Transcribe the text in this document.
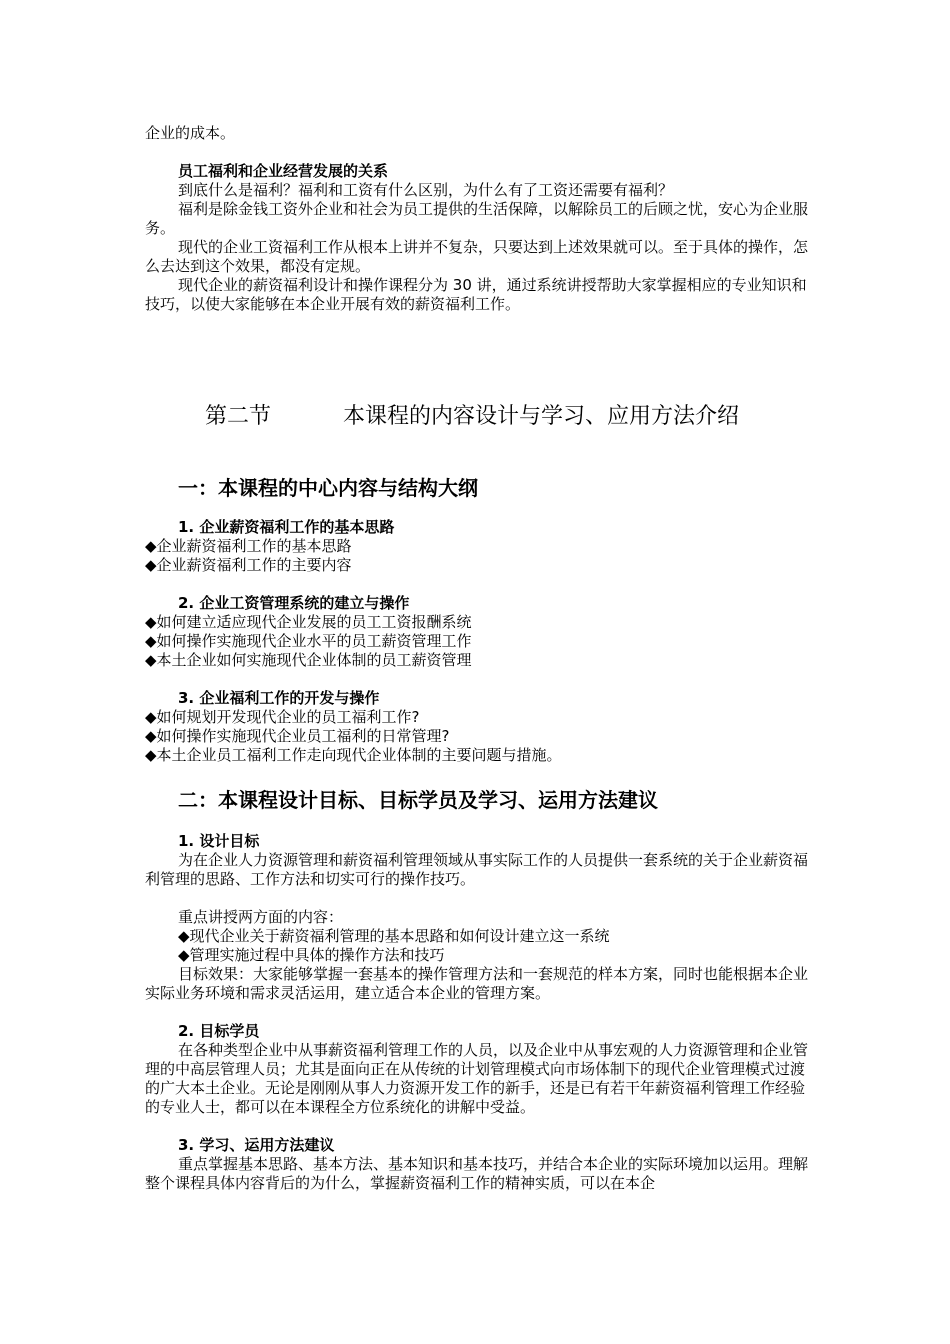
企业的成本。

员工福利和企业经营发展的关系

到底什么是福利？福利和工资有什么区别，为什么有了工资还需要有福利？

福利是除金钱工资外企业和社会为员工提供的生活保障，以解除员工的后顾之忧，安心为企业服务。

现代的企业工资福利工作从根本上讲并不复杂，只要达到上述效果就可以。至于具体的操作，怎么去达到这个效果，都没有定规。

现代企业的薪资福利设计和操作课程分为 30 讲，通过系统讲授帮助大家掌握相应的专业知识和技巧，以使大家能够在本企业开展有效的薪资福利工作。

第二节	本课程的内容设计与学习、应用方法介绍
一：本课程的中心内容与结构大纲

1. 企业薪资福利工作的基本思路

◆企业薪资福利工作的基本思路

◆企业薪资福利工作的主要内容

2. 企业工资管理系统的建立与操作

◆如何建立适应现代企业发展的员工工资报酬系统

◆如何操作实施现代企业水平的员工薪资管理工作

◆本土企业如何实施现代企业体制的员工薪资管理

3. 企业福利工作的开发与操作

◆如何规划开发现代企业的员工福利工作?

◆如何操作实施现代企业员工福利的日常管理?

◆本土企业员工福利工作走向现代企业体制的主要问题与措施。

二：本课程设计目标、目标学员及学习、运用方法建议

1. 设计目标

为在企业人力资源管理和薪资福利管理领域从事实际工作的人员提供一套系统的关于企业薪资福利管理的思路、工作方法和切实可行的操作技巧。

重点讲授两方面的内容：

◆现代企业关于薪资福利管理的基本思路和如何设计建立这一系统

◆管理实施过程中具体的操作方法和技巧

目标效果：大家能够掌握一套基本的操作管理方法和一套规范的样本方案，同时也能根据本企业实际业务环境和需求灵活运用，建立适合本企业的管理方案。

2. 目标学员

在各种类型企业中从事薪资福利管理工作的人员，以及企业中从事宏观的人力资源管理和企业管理的中高层管理人员；尤其是面向正在从传统的计划管理模式向市场体制下的现代企业管理模式过渡的广大本土企业。无论是刚刚从事人力资源开发工作的新手，还是已有若干年薪资福利管理工作经验的专业人士，都可以在本课程全方位系统化的讲解中受益。

3. 学习、运用方法建议

重点掌握基本思路、基本方法、基本知识和基本技巧，并结合本企业的实际环境加以运用。理解整个课程具体内容背后的为什么，掌握薪资福利工作的精神实质，可以在本企
